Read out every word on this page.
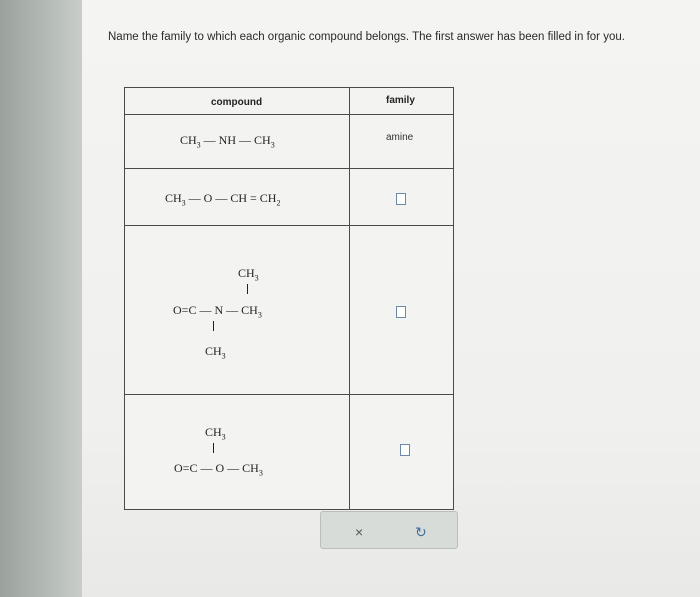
Name the family to which each organic compound belongs. The first answer has been filled in for you.
compound	family
$CH_3$ — NH — $CH_3$
amine
$CH_3$ — O — CH = $CH_2$
$CH_3$
O=C — N — $CH_3$
$CH_3$
$CH_3$
O=C — O — $CH_3$
×	↻
